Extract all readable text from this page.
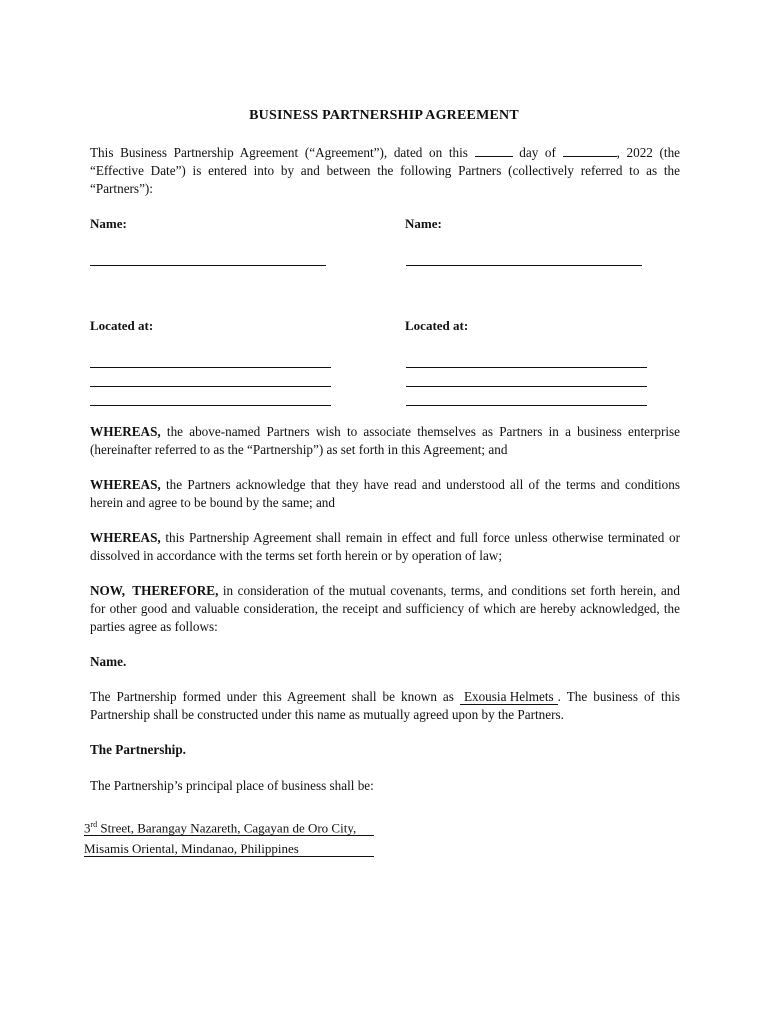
BUSINESS PARTNERSHIP AGREEMENT

This Business Partnership Agreement (“Agreement”), dated on this	day of	, 2022 (the “Effective Date”) is entered into by and between the following Partners (collectively referred to as the “Partners”):

Name:	Name:
Located at:	Located at:

WHEREAS, the above-named Partners wish to associate themselves as Partners in a business enterprise (hereinafter referred to as the “Partnership”) as set forth in this Agreement; and

WHEREAS, the Partners acknowledge that they have read and understood all of the terms and conditions herein and agree to be bound by the same; and

WHEREAS, this Partnership Agreement shall remain in effect and full force unless otherwise terminated or dissolved in accordance with the terms set forth herein or by operation of law;

NOW, THEREFORE, in consideration of the mutual covenants, terms, and conditions set forth herein, and for other good and valuable consideration, the receipt and sufficiency of which are hereby acknowledged, the parties agree as follows:

Name.

The Partnership formed under this Agreement shall be known as Exousia Helmets . The business of this Partnership shall be constructed under this name as mutually agreed upon by the Partners.

The Partnership.

The Partnership’s principal place of business shall be:

3rd Street, Barangay Nazareth, Cagayan de Oro City,
Misamis Oriental, Mindanao, Philippines
